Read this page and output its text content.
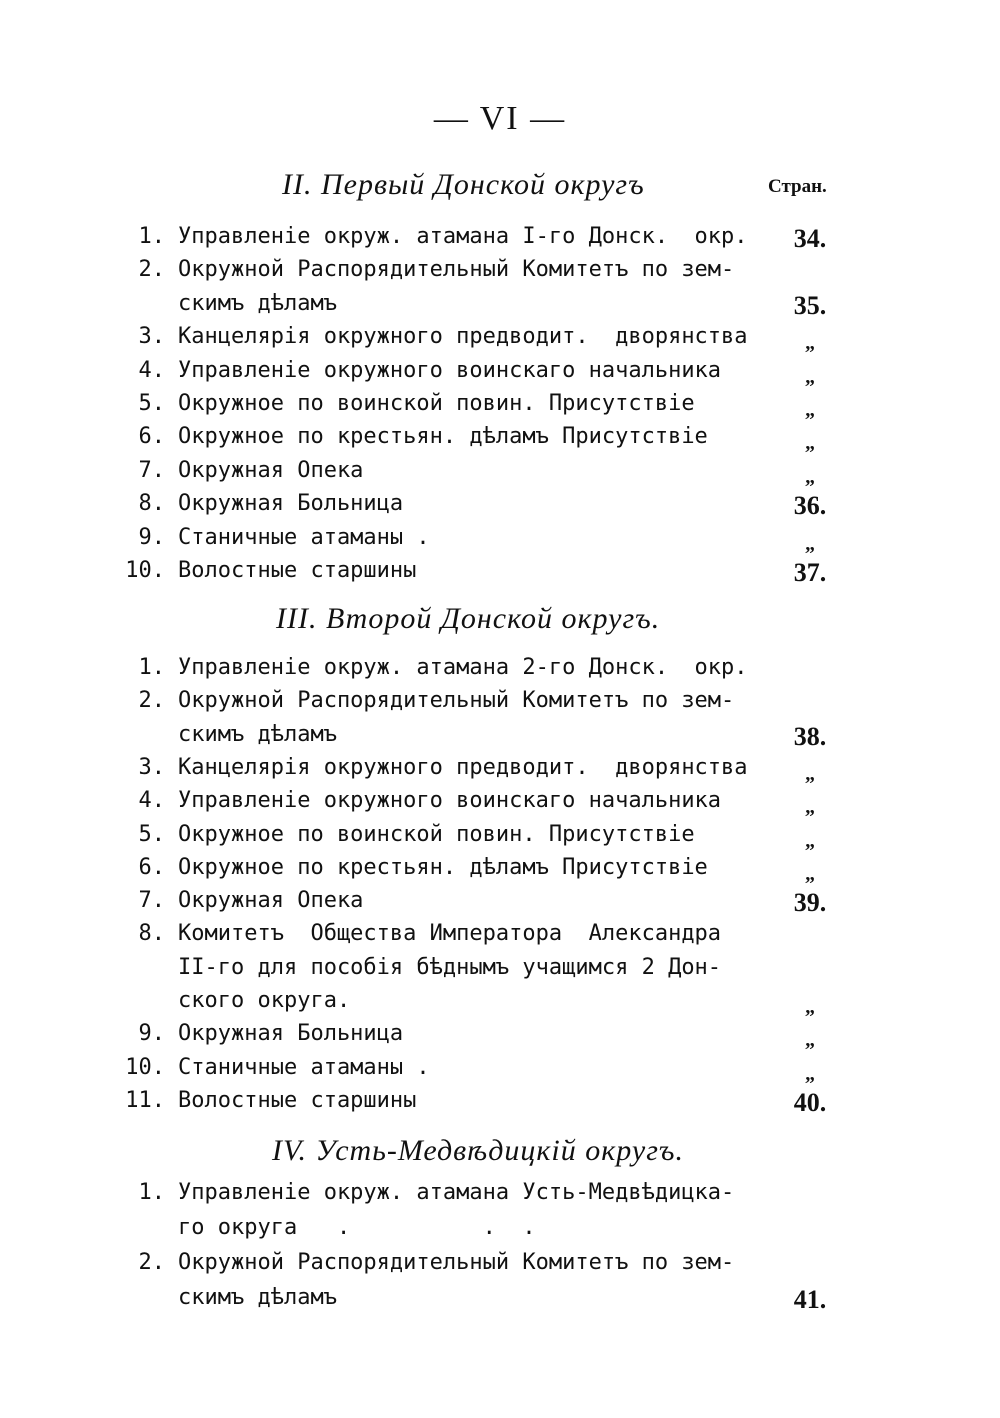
— VI —
II. Первый Донской округъ	Стран.
1. Управленіе окруж. атамана I-го Донск.  окр.	34.
2. Окружной Распорядительный Комитетъ по зем-
скимъ дѣламъ	35.
3. Канцелярія окружного предводит.  дворянства	„
4. Управленіе окружного воинскаго начальника	„
5. Окружное по воинской повин. Присутствіе	„
6. Окружное по крестьян. дѣламъ Присутствіе	„
7. Окружная Опека	„
8. Окружная Больница	36.
9. Станичные атаманы .	„
10. Волостные старшины	37.
III. Второй Донской округъ.
1. Управленіе окруж. атамана 2-го Донск.  окр.
2. Окружной Распорядительный Комитетъ по зем-
скимъ дѣламъ	38.
3. Канцелярія окружного предводит.  дворянства	„
4. Управленіе окружного воинскаго начальника	„
5. Окружное по воинской повин. Присутствіе	„
6. Окружное по крестьян. дѣламъ Присутствіе	„
7. Окружная Опека	39.
8. Комитетъ  Общества Императора  Александра
II-го для пособія бѣднымъ учащимся 2 Дон-
ского округа.	„
9. Окружная Больница	„
10. Станичные атаманы .	„
11. Волостные старшины	40.
IV. Усть-Медвѣдицкій округъ.
1. Управленіе окруж. атамана Усть-Медвѣдицка-
го округа   .          .  .
2. Окружной Распорядительный Комитетъ по зем-
скимъ дѣламъ	41.
